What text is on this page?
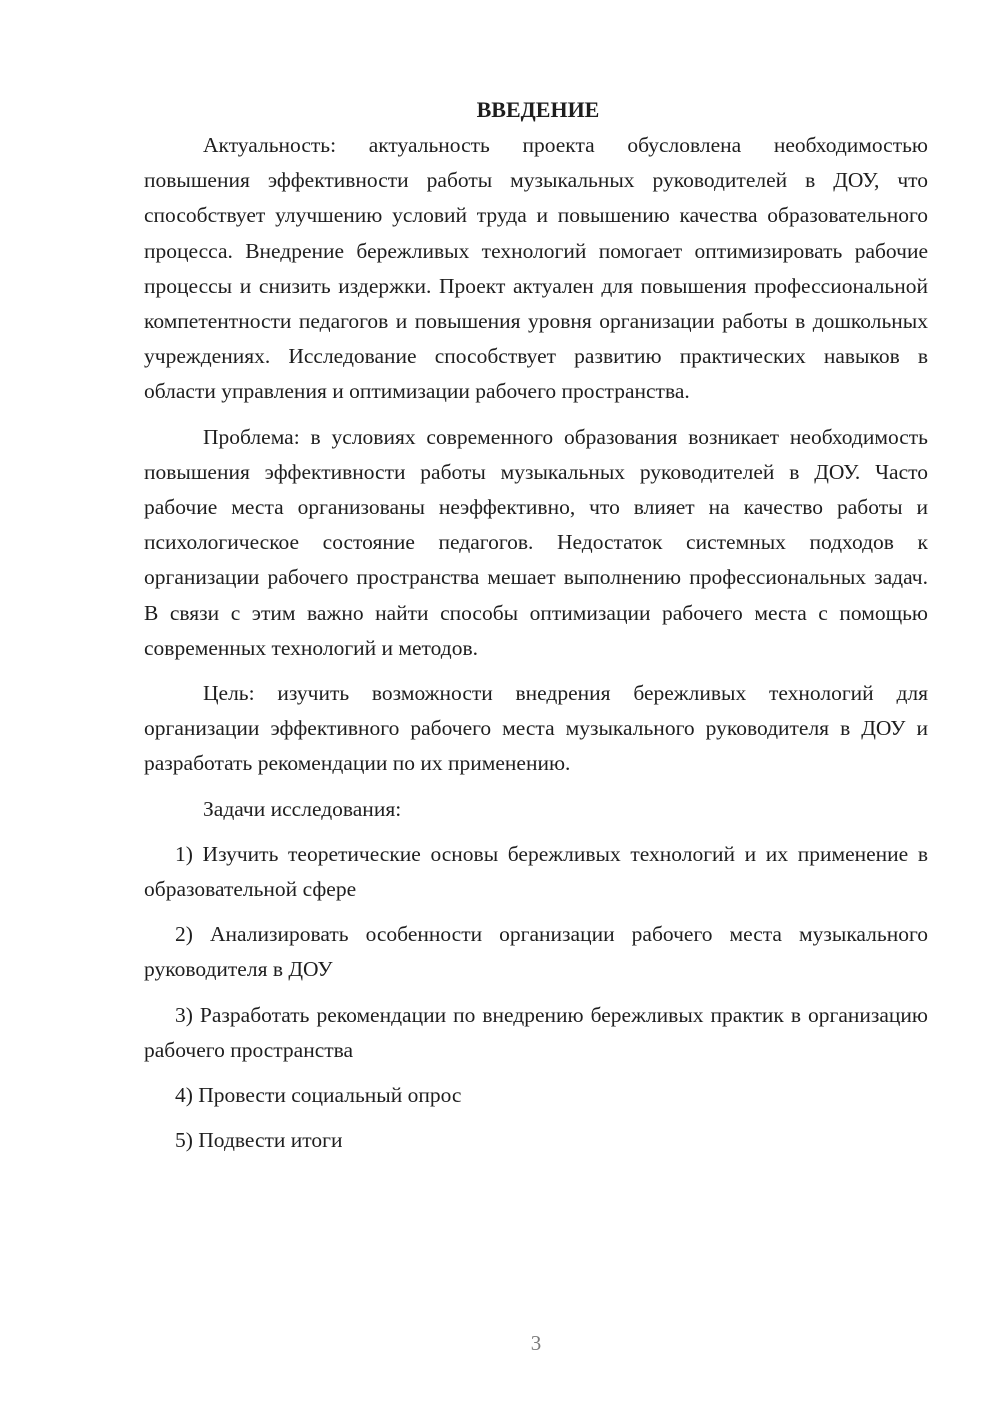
ВВЕДЕНИЕ

Актуальность: актуальность проекта обусловлена необходимостью повышения эффективности работы музыкальных руководителей в ДОУ, что способствует улучшению условий труда и повышению качества образовательного процесса. Внедрение бережливых технологий помогает оптимизировать рабочие процессы и снизить издержки. Проект актуален для повышения профессиональной компетентности педагогов и повышения уровня организации работы в дошкольных учреждениях. Исследование способствует развитию практических навыков в области управления и оптимизации рабочего пространства.

Проблема: в условиях современного образования возникает необходимость повышения эффективности работы музыкальных руководителей в ДОУ. Часто рабочие места организованы неэффективно, что влияет на качество работы и психологическое состояние педагогов. Недостаток системных подходов к организации рабочего пространства мешает выполнению профессиональных задач. В связи с этим важно найти способы оптимизации рабочего места с помощью современных технологий и методов.

Цель: изучить возможности внедрения бережливых технологий для организации эффективного рабочего места музыкального руководителя в ДОУ и разработать рекомендации по их применению.

Задачи исследования:

1) Изучить теоретические основы бережливых технологий и их применение в образовательной сфере

2) Анализировать особенности организации рабочего места музыкального руководителя в ДОУ

3) Разработать рекомендации по внедрению бережливых практик в организацию рабочего пространства

4) Провести социальный опрос

5) Подвести итоги

3
